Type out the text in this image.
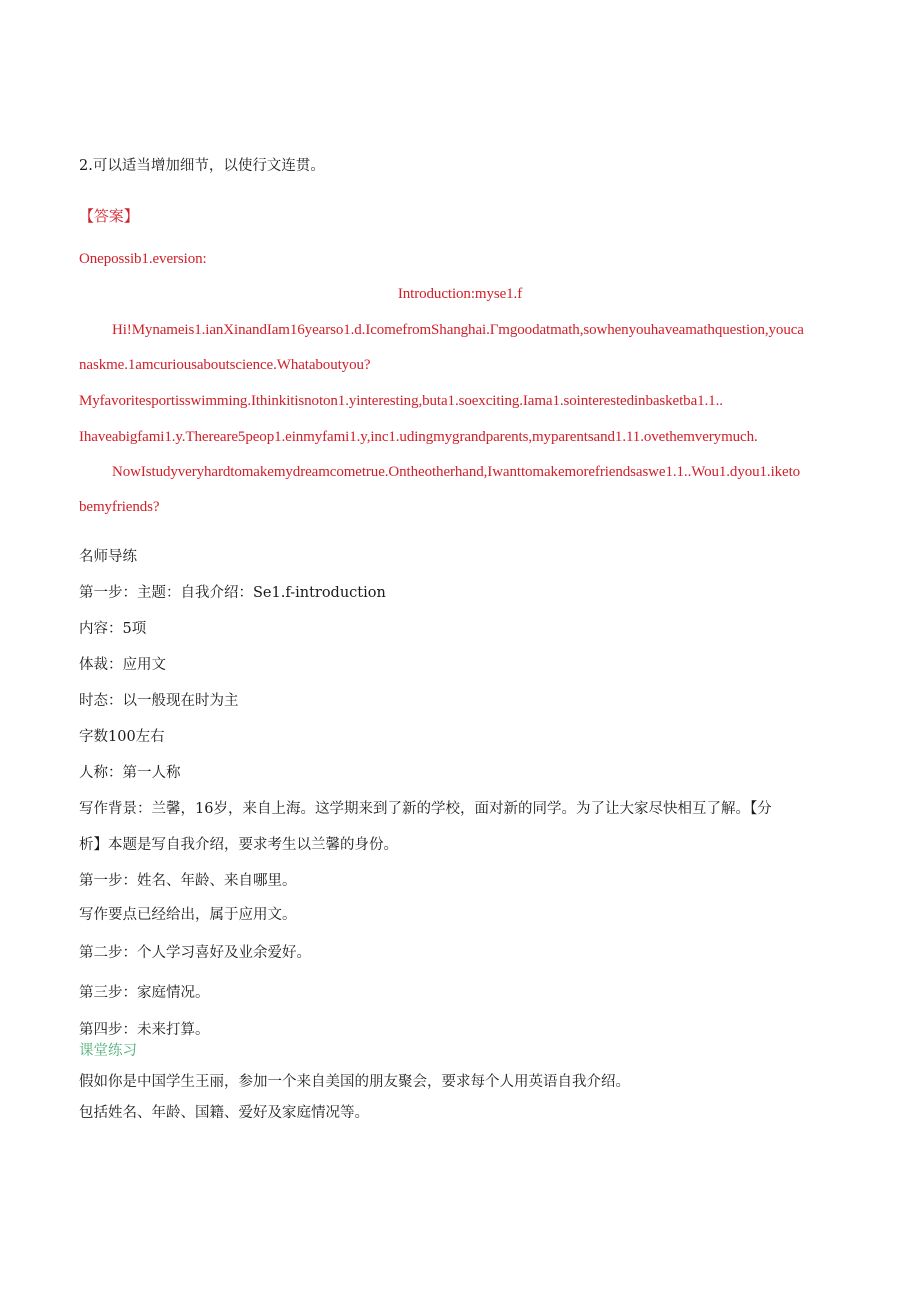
2.可以适当增加细节，以使行文连贯。
【答案】
Onepossib1.eversion:
Introduction:myse1.f
Hi!Mynameis1.ianXinandIam16yearso1.d.IcomefromShanghai.Γmgoodatmath,sowhenyouhaveamathquestion,youca
naskme.1amcuriousaboutscience.Whataboutyou?
Myfavoritesportisswimming.Ithinkitisnoton1.yinteresting,buta1.soexciting.Iama1.sointerestedinbasketba1.1..
Ihaveabigfami1.y.Thereare5peop1.einmyfami1.y,inc1.udingmygrandparents,myparentsand1.11.ovethemverymuch.
NowIstudyveryhardtomakemydreamcometrue.Ontheotherhand,Iwanttomakemorefriendsaswe1.1..Wou1.dyou1.iketo
bemyfriends?
名师导练
第一步：主题：自我介绍：Se1.f-introduction
内容：5项
体裁：应用文
时态：以一般现在时为主
字数100左右
人称：第一人称
写作背景：兰馨，16岁，来自上海。这学期来到了新的学校，面对新的同学。为了让大家尽快相互了解。【分
析】本题是写自我介绍，要求考生以兰馨的身份。
第一步：姓名、年龄、来自哪里。
写作要点已经给出，属于应用文。
第二步：个人学习喜好及业余爱好。
第三步：家庭情况。
第四步：未来打算。
课堂练习
假如你是中国学生王丽，参加一个来自美国的朋友聚会，要求每个人用英语自我介绍。
包括姓名、年龄、国籍、爱好及家庭情况等。
